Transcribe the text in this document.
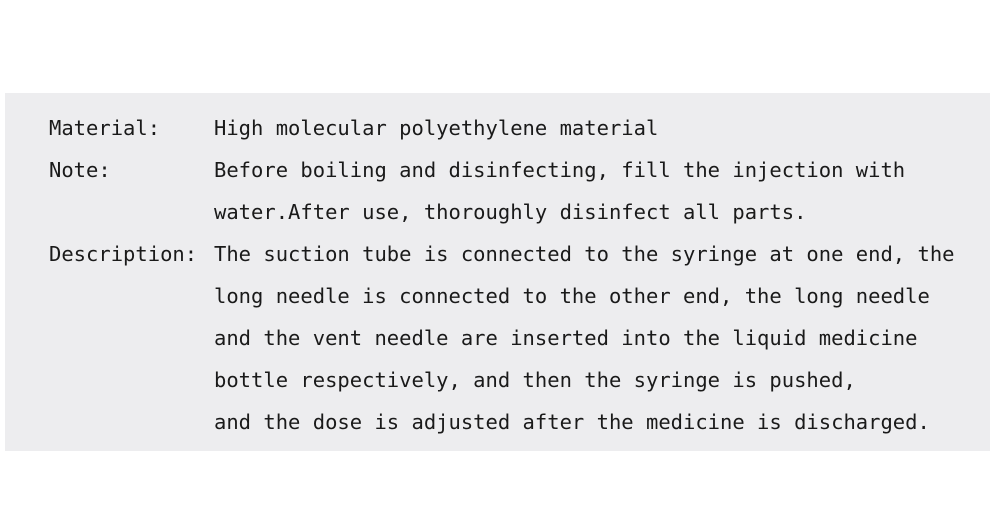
Material:

	High molecular polyethylene material

Note:

	Before boiling and disinfecting, fill the injection with

water.After use, thoroughly disinfect all parts.

Description:

The suction tube is connected to the syringe at one end, the

long needle is connected to the other end, the long needle

and the vent needle are inserted into the liquid medicine

bottle respectively, and then the syringe is pushed,

and the dose is adjusted after the medicine is discharged.
